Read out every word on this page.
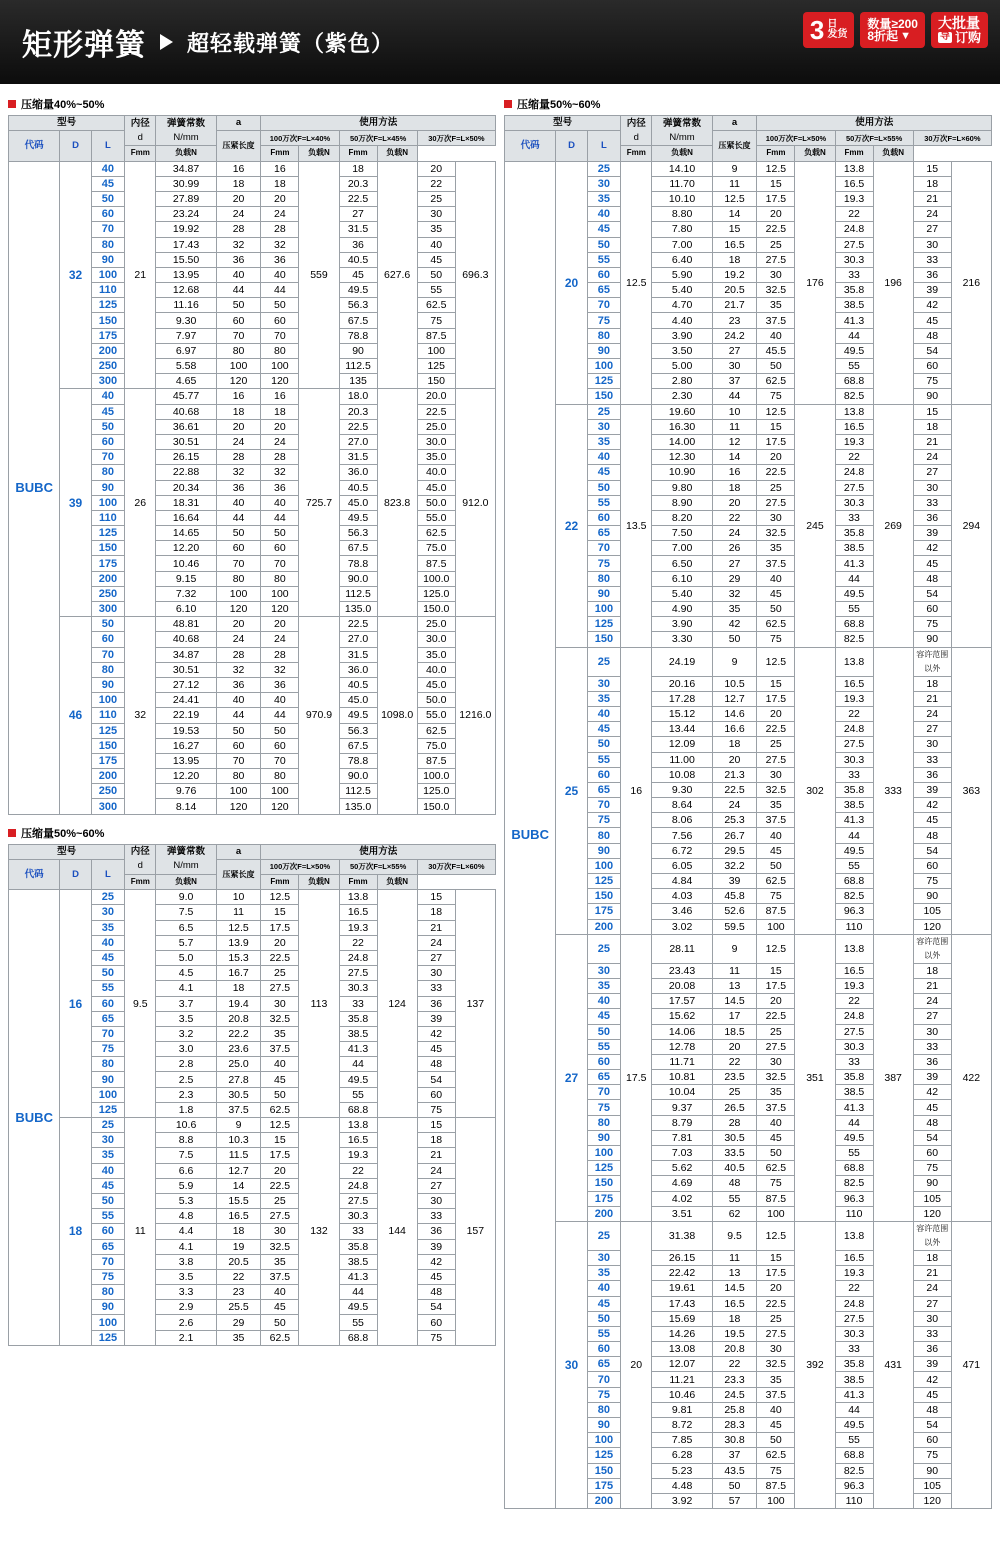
矩形弹簧 超轻载弹簧（紫色）	3 日
发货
数量≥200
8折起 ▼
大批量
导 订购
压缩量40%~50%
型号			内径
d	弹簧常数
N/mm	a	使用方法					
代码	D	L			压紧长度	100万次F=L×40%		50万次F=L×45%		30万次F=L×50%	
			Fmm	负载N		Fmm	负载N	Fmm	负载N		
BUBC	32	40	21	34.87	16	16	559	18	627.6	20	696.3
		45		30.99	18	18		20.3		22	
		50		27.89	20	20		22.5		25	
		60		23.24	24	24		27		30	
		70		19.92	28	28		31.5		35	
		80		17.43	32	32		36		40	
		90		15.50	36	36		40.5		45	
		100		13.95	40	40		45		50	
		110		12.68	44	44		49.5		55	
		125		11.16	50	50		56.3		62.5	
		150		9.30	60	60		67.5		75	
		175		7.97	70	70		78.8		87.5	
		200		6.97	80	80		90		100	
		250		5.58	100	100		112.5		125	
		300		4.65	120	120		135		150	
	39	40	26	45.77	16	16	725.7	18.0	823.8	20.0	912.0
		45		40.68	18	18		20.3		22.5	
		50		36.61	20	20		22.5		25.0	
		60		30.51	24	24		27.0		30.0	
		70		26.15	28	28		31.5		35.0	
		80		22.88	32	32		36.0		40.0	
		90		20.34	36	36		40.5		45.0	
		100		18.31	40	40		45.0		50.0	
		110		16.64	44	44		49.5		55.0	
		125		14.65	50	50		56.3		62.5	
		150		12.20	60	60		67.5		75.0	
		175		10.46	70	70		78.8		87.5	
		200		9.15	80	80		90.0		100.0	
		250		7.32	100	100		112.5		125.0	
		300		6.10	120	120		135.0		150.0	
	46	50	32	48.81	20	20	970.9	22.5	1098.0	25.0	1216.0
		60		40.68	24	24		27.0		30.0	
		70		34.87	28	28		31.5		35.0	
		80		30.51	32	32		36.0		40.0	
		90		27.12	36	36		40.5		45.0	
		100		24.41	40	40		45.0		50.0	
		110		22.19	44	44		49.5		55.0	
		125		19.53	50	50		56.3		62.5	
		150		16.27	60	60		67.5		75.0	
		175		13.95	70	70		78.8		87.5	
		200		12.20	80	80		90.0		100.0	
		250		9.76	100	100		112.5		125.0	
		300		8.14	120	120		135.0		150.0	
压缩量50%~60%
型号			内径
d	弹簧常数
N/mm	a	使用方法					
代码	D	L			压紧长度	100万次F=L×50%		50万次F=L×55%		30万次F=L×60%	
			Fmm	负载N		Fmm	负载N	Fmm	负载N		
BUBC	16	25	9.5	9.0	10	12.5	113	13.8	124	15	137
		30		7.5	11	15		16.5		18	
		35		6.5	12.5	17.5		19.3		21	
		40		5.7	13.9	20		22		24	
		45		5.0	15.3	22.5		24.8		27	
		50		4.5	16.7	25		27.5		30	
		55		4.1	18	27.5		30.3		33	
		60		3.7	19.4	30		33		36	
		65		3.5	20.8	32.5		35.8		39	
		70		3.2	22.2	35		38.5		42	
		75		3.0	23.6	37.5		41.3		45	
		80		2.8	25.0	40		44		48	
		90		2.5	27.8	45		49.5		54	
		100		2.3	30.5	50		55		60	
		125		1.8	37.5	62.5		68.8		75	
	18	25	11	10.6	9	12.5	132	13.8	144	15	157
		30		8.8	10.3	15		16.5		18	
		35		7.5	11.5	17.5		19.3		21	
		40		6.6	12.7	20		22		24	
		45		5.9	14	22.5		24.8		27	
		50		5.3	15.5	25		27.5		30	
		55		4.8	16.5	27.5		30.3		33	
		60		4.4	18	30		33		36	
		65		4.1	19	32.5		35.8		39	
		70		3.8	20.5	35		38.5		42	
		75		3.5	22	37.5		41.3		45	
		80		3.3	23	40		44		48	
		90		2.9	25.5	45		49.5		54	
		100		2.6	29	50		55		60	
		125		2.1	35	62.5		68.8		75	
压缩量50%~60%
型号			内径
d	弹簧常数
N/mm	a	使用方法					
代码	D	L			压紧长度	100万次F=L×50%		50万次F=L×55%		30万次F=L×60%	
			Fmm	负载N		Fmm	负载N	Fmm	负载N		
BUBC	20	25	12.5	14.10	9	12.5	176	13.8	196	15	216
		30		11.70	11	15		16.5		18	
		35		10.10	12.5	17.5		19.3		21	
		40		8.80	14	20		22		24	
		45		7.80	15	22.5		24.8		27	
		50		7.00	16.5	25		27.5		30	
		55		6.40	18	27.5		30.3		33	
		60		5.90	19.2	30		33		36	
		65		5.40	20.5	32.5		35.8		39	
		70		4.70	21.7	35		38.5		42	
		75		4.40	23	37.5		41.3		45	
		80		3.90	24.2	40		44		48	
		90		3.50	27	45.5		49.5		54	
		100		5.00	30	50		55		60	
		125		2.80	37	62.5		68.8		75	
		150		2.30	44	75		82.5		90	
	22	25	13.5	19.60	10	12.5	245	13.8	269	15	294
		30		16.30	11	15		16.5		18	
		35		14.00	12	17.5		19.3		21	
		40		12.30	14	20		22		24	
		45		10.90	16	22.5		24.8		27	
		50		9.80	18	25		27.5		30	
		55		8.90	20	27.5		30.3		33	
		60		8.20	22	30		33		36	
		65		7.50	24	32.5		35.8		39	
		70		7.00	26	35		38.5		42	
		75		6.50	27	37.5		41.3		45	
		80		6.10	29	40		44		48	
		90		5.40	32	45		49.5		54	
		100		4.90	35	50		55		60	
		125		3.90	42	62.5		68.8		75	
		150		3.30	50	75		82.5		90	
	25	25	16	24.19	9	12.5	302	13.8	333	容许范围以外	363
		30		20.16	10.5	15		16.5		18	
		35		17.28	12.7	17.5		19.3		21	
		40		15.12	14.6	20		22		24	
		45		13.44	16.6	22.5		24.8		27	
		50		12.09	18	25		27.5		30	
		55		11.00	20	27.5		30.3		33	
		60		10.08	21.3	30		33		36	
		65		9.30	22.5	32.5		35.8		39	
		70		8.64	24	35		38.5		42	
		75		8.06	25.3	37.5		41.3		45	
		80		7.56	26.7	40		44		48	
		90		6.72	29.5	45		49.5		54	
		100		6.05	32.2	50		55		60	
		125		4.84	39	62.5		68.8		75	
		150		4.03	45.8	75		82.5		90	
		175		3.46	52.6	87.5		96.3		105	
		200		3.02	59.5	100		110		120	
	27	25	17.5	28.11	9	12.5	351	13.8	387	容许范围以外	422
		30		23.43	11	15		16.5		18	
		35		20.08	13	17.5		19.3		21	
		40		17.57	14.5	20		22		24	
		45		15.62	17	22.5		24.8		27	
		50		14.06	18.5	25		27.5		30	
		55		12.78	20	27.5		30.3		33	
		60		11.71	22	30		33		36	
		65		10.81	23.5	32.5		35.8		39	
		70		10.04	25	35		38.5		42	
		75		9.37	26.5	37.5		41.3		45	
		80		8.79	28	40		44		48	
		90		7.81	30.5	45		49.5		54	
		100		7.03	33.5	50		55		60	
		125		5.62	40.5	62.5		68.8		75	
		150		4.69	48	75		82.5		90	
		175		4.02	55	87.5		96.3		105	
		200		3.51	62	100		110		120	
	30	25	20	31.38	9.5	12.5	392	13.8	431	容许范围以外	471
		30		26.15	11	15		16.5		18	
		35		22.42	13	17.5		19.3		21	
		40		19.61	14.5	20		22		24	
		45		17.43	16.5	22.5		24.8		27	
		50		15.69	18	25		27.5		30	
		55		14.26	19.5	27.5		30.3		33	
		60		13.08	20.8	30		33		36	
		65		12.07	22	32.5		35.8		39	
		70		11.21	23.3	35		38.5		42	
		75		10.46	24.5	37.5		41.3		45	
		80		9.81	25.8	40		44		48	
		90		8.72	28.3	45		49.5		54	
		100		7.85	30.8	50		55		60	
		125		6.28	37	62.5		68.8		75	
		150		5.23	43.5	75		82.5		90	
		175		4.48	50	87.5		96.3		105	
		200		3.92	57	100		110		120	
